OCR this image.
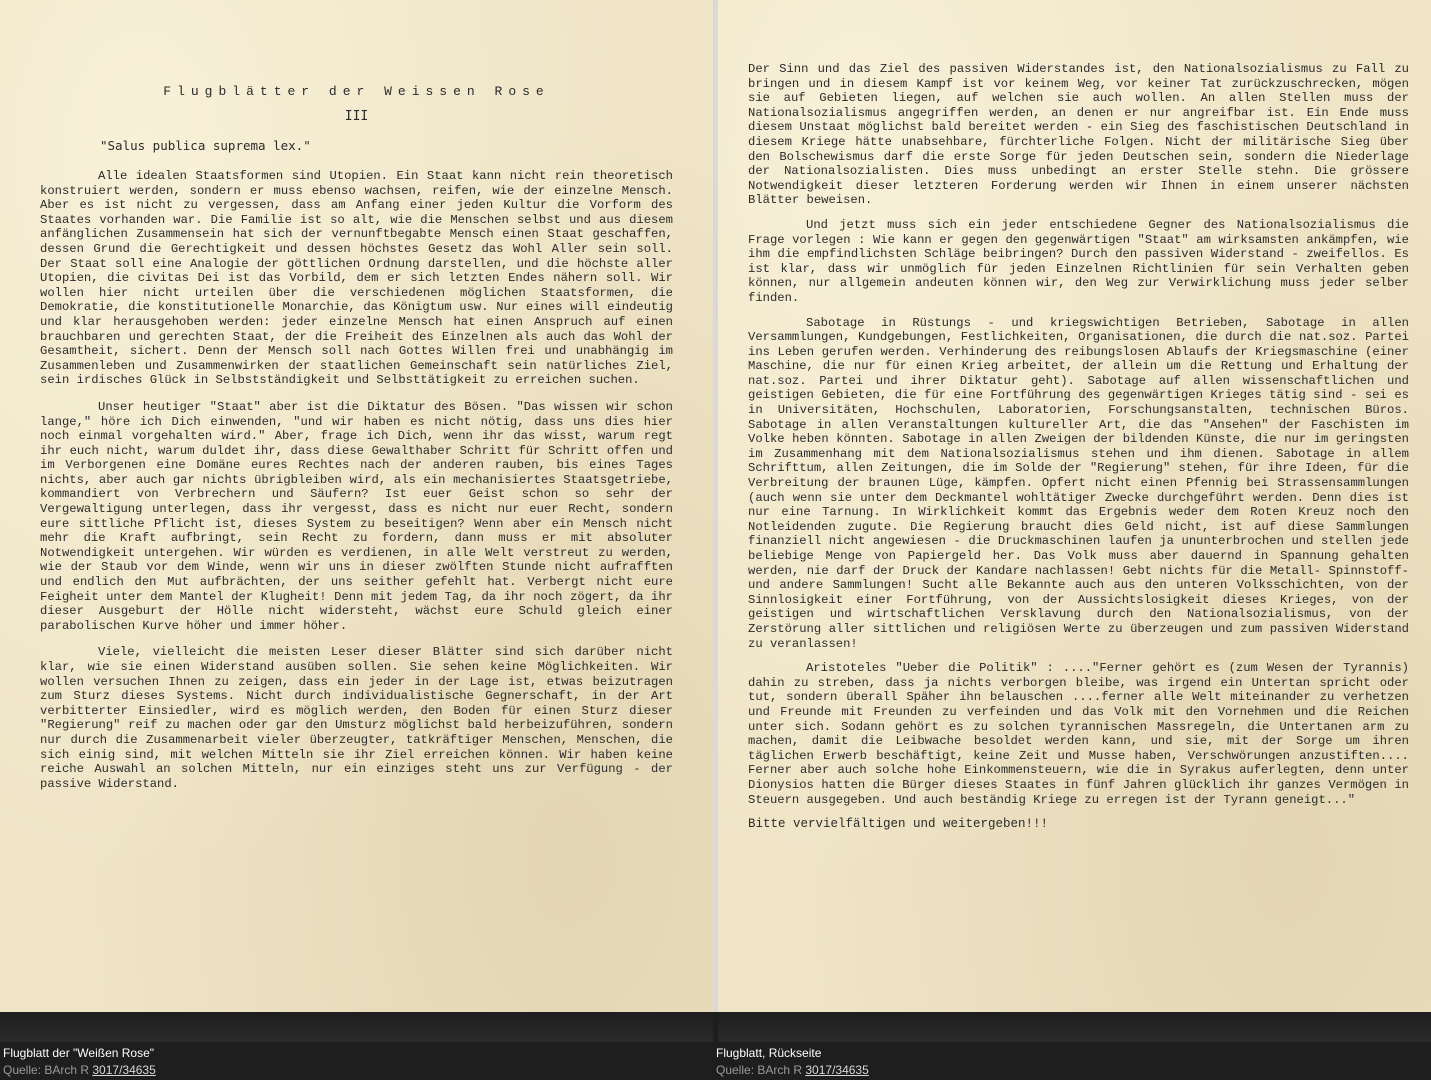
Flugblätter der Weissen Rose
III
"Salus publica suprema lex."

Alle idealen Staatsformen sind Utopien. Ein Staat kann nicht rein theoretisch konstruiert werden, sondern er muss ebenso wachsen, reifen, wie der einzelne Mensch. Aber es ist nicht zu vergessen, dass am Anfang einer jeden Kultur die Vorform des Staates vorhanden war. Die Familie ist so alt, wie die Menschen selbst und aus diesem anfänglichen Zusammensein hat sich der vernunftbegabte Mensch einen Staat geschaffen, dessen Grund die Gerechtigkeit und dessen höchstes Gesetz das Wohl Aller sein soll. Der Staat soll eine Analogie der göttlichen Ordnung darstellen, und die höchste aller Utopien, die civitas Dei ist das Vorbild, dem er sich letzten Endes nähern soll. Wir wollen hier nicht urteilen über die verschiedenen möglichen Staatsformen, die Demokratie, die konstitutionelle Monarchie, das Königtum usw. Nur eines will eindeutig und klar herausgehoben werden: jeder einzelne Mensch hat einen Anspruch auf einen brauchbaren und gerechten Staat, der die Freiheit des Einzelnen als auch das Wohl der Gesamtheit, sichert. Denn der Mensch soll nach Gottes Willen frei und unabhängig im Zusammenleben und Zusammenwirken der staatlichen Gemeinschaft sein natürliches Ziel, sein irdisches Glück in Selbstständigkeit und Selbsttätigkeit zu erreichen suchen.

Unser heutiger "Staat" aber ist die Diktatur des Bösen. "Das wissen wir schon lange," höre ich Dich einwenden, "und wir haben es nicht nötig, dass uns dies hier noch einmal vorgehalten wird." Aber, frage ich Dich, wenn ihr das wisst, warum regt ihr euch nicht, warum duldet ihr, dass diese Gewalthaber Schritt für Schritt offen und im Verborgenen eine Domäne eures Rechtes nach der anderen rauben, bis eines Tages nichts, aber auch gar nichts übrigbleiben wird, als ein mechanisiertes Staatsgetriebe, kommandiert von Verbrechern und Säufern? Ist euer Geist schon so sehr der Vergewaltigung unterlegen, dass ihr vergesst, dass es nicht nur euer Recht, sondern eure sittliche Pflicht ist, dieses System zu beseitigen? Wenn aber ein Mensch nicht mehr die Kraft aufbringt, sein Recht zu fordern, dann muss er mit absoluter Notwendigkeit untergehen. Wir würden es verdienen, in alle Welt verstreut zu werden, wie der Staub vor dem Winde, wenn wir uns in dieser zwölften Stunde nicht aufrafften und endlich den Mut aufbrächten, der uns seither gefehlt hat. Verbergt nicht eure Feigheit unter dem Mantel der Klugheit! Denn mit jedem Tag, da ihr noch zögert, da ihr dieser Ausgeburt der Hölle nicht widersteht, wächst eure Schuld gleich einer parabolischen Kurve höher und immer höher.

Viele, vielleicht die meisten Leser dieser Blätter sind sich darüber nicht klar, wie sie einen Widerstand ausüben sollen. Sie sehen keine Möglichkeiten. Wir wollen versuchen Ihnen zu zeigen, dass ein jeder in der Lage ist, etwas beizutragen zum Sturz dieses Systems. Nicht durch individualistische Gegnerschaft, in der Art verbitterter Einsiedler, wird es möglich werden, den Boden für einen Sturz dieser "Regierung" reif zu machen oder gar den Umsturz möglichst bald herbeizuführen, sondern nur durch die Zusammenarbeit vieler überzeugter, tatkräftiger Menschen, Menschen, die sich einig sind, mit welchen Mitteln sie ihr Ziel erreichen können. Wir haben keine reiche Auswahl an solchen Mitteln, nur ein einziges steht uns zur Verfügung - der passive Widerstand.

Der Sinn und das Ziel des passiven Widerstandes ist, den Nationalsozialismus zu Fall zu bringen und in diesem Kampf ist vor keinem Weg, vor keiner Tat zurückzuschrecken, mögen sie auf Gebieten liegen, auf welchen sie auch wollen. An allen Stellen muss der Nationalsozialismus angegriffen werden, an denen er nur angreifbar ist. Ein Ende muss diesem Unstaat möglichst bald bereitet werden - ein Sieg des faschistischen Deutschland in diesem Kriege hätte unabsehbare, fürchterliche Folgen. Nicht der militärische Sieg über den Bolschewismus darf die erste Sorge für jeden Deutschen sein, sondern die Niederlage der Nationalsozialisten. Dies muss unbedingt an erster Stelle stehn. Die grössere Notwendigkeit dieser letzteren Forderung werden wir Ihnen in einem unserer nächsten Blätter beweisen.

Und jetzt muss sich ein jeder entschiedene Gegner des Nationalsozialismus die Frage vorlegen : Wie kann er gegen den gegenwärtigen "Staat" am wirksamsten ankämpfen, wie ihm die empfindlichsten Schläge beibringen? Durch den passiven Widerstand - zweifellos. Es ist klar, dass wir unmöglich für jeden Einzelnen Richtlinien für sein Verhalten geben können, nur allgemein andeuten können wir, den Weg zur Verwirklichung muss jeder selber finden.

Sabotage in Rüstungs - und kriegswichtigen Betrieben, Sabotage in allen Versammlungen, Kundgebungen, Festlichkeiten, Organisationen, die durch die nat.soz. Partei ins Leben gerufen werden. Verhinderung des reibungslosen Ablaufs der Kriegsmaschine (einer Maschine, die nur für einen Krieg arbeitet, der allein um die Rettung und Erhaltung der nat.soz. Partei und ihrer Diktatur geht). Sabotage auf allen wissenschaftlichen und geistigen Gebieten, die für eine Fortführung des gegenwärtigen Krieges tätig sind - sei es in Universitäten, Hochschulen, Laboratorien, Forschungsanstalten, technischen Büros. Sabotage in allen Veranstaltungen kultureller Art, die das "Ansehen" der Faschisten im Volke heben könnten. Sabotage in allen Zweigen der bildenden Künste, die nur im geringsten im Zusammenhang mit dem Nationalsozialismus stehen und ihm dienen. Sabotage in allem Schrifttum, allen Zeitungen, die im Solde der "Regierung" stehen, für ihre Ideen, für die Verbreitung der braunen Lüge, kämpfen. Opfert nicht einen Pfennig bei Strassensammlungen (auch wenn sie unter dem Deckmantel wohltätiger Zwecke durchgeführt werden. Denn dies ist nur eine Tarnung. In Wirklichkeit kommt das Ergebnis weder dem Roten Kreuz noch den Notleidenden zugute. Die Regierung braucht dies Geld nicht, ist auf diese Sammlungen finanziell nicht angewiesen - die Druckmaschinen laufen ja ununterbrochen und stellen jede beliebige Menge von Papiergeld her. Das Volk muss aber dauernd in Spannung gehalten werden, nie darf der Druck der Kandare nachlassen! Gebt nichts für die Metall- Spinnstoff- und andere Sammlungen! Sucht alle Bekannte auch aus den unteren Volksschichten, von der Sinnlosigkeit einer Fortführung, von der Aussichtslosigkeit dieses Krieges, von der geistigen und wirtschaftlichen Versklavung durch den Nationalsozialismus, von der Zerstörung aller sittlichen und religiösen Werte zu überzeugen und zum passiven Widerstand zu veranlassen!

Aristoteles "Ueber die Politik" : ...."Ferner gehört es (zum Wesen der Tyrannis) dahin zu streben, dass ja nichts verborgen bleibe, was irgend ein Untertan spricht oder tut, sondern überall Späher ihn belauschen ....ferner alle Welt miteinander zu verhetzen und Freunde mit Freunden zu verfeinden und das Volk mit den Vornehmen und die Reichen unter sich. Sodann gehört es zu solchen tyrannischen Massregeln, die Untertanen arm zu machen, damit die Leibwache besoldet werden kann, und sie, mit der Sorge um ihren täglichen Erwerb beschäftigt, keine Zeit und Musse haben, Verschwörungen anzustiften.... Ferner aber auch solche hohe Einkommensteuern, wie die in Syrakus auferlegten, denn unter Dionysios hatten die Bürger dieses Staates in fünf Jahren glücklich ihr ganzes Vermögen in Steuern ausgegeben. Und auch beständig Kriege zu erregen ist der Tyrann geneigt..."

Bitte vervielfältigen und weitergeben!!!
Flugblatt der "Weißen Rose"
Quelle: BArch R 3017/34635
Flugblatt, Rückseite
Quelle: BArch R 3017/34635
